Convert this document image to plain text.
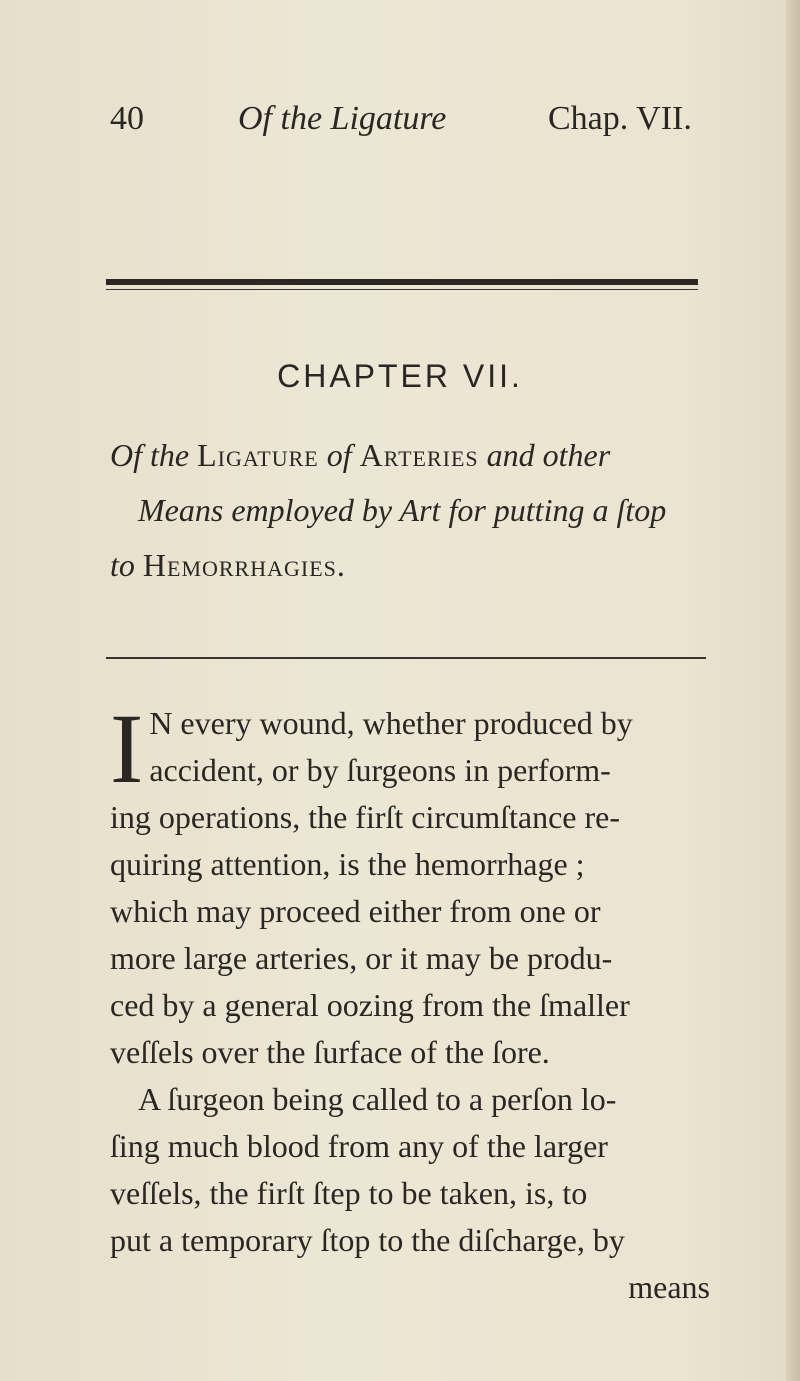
40	Of the Ligature	Chap. VII.
CHAPTER VII.
Of the Ligature of Arteries and other
Means employed by Art for putting a ſtop
to Hemorrhagies.
I N every wound, whether produced by
accident, or by ſurgeons in perform-
ing operations, the firſt circumſtance re-
quiring attention, is the hemorrhage ;
which may proceed either from one or
more large arteries, or it may be produ-
ced by a general oozing from the ſmaller
veſſels over the ſurface of the ſore.
A ſurgeon being called to a perſon lo-
ſing much blood from any of the larger
veſſels, the firſt ſtep to be taken, is, to
put a temporary ſtop to the diſcharge, by
means
